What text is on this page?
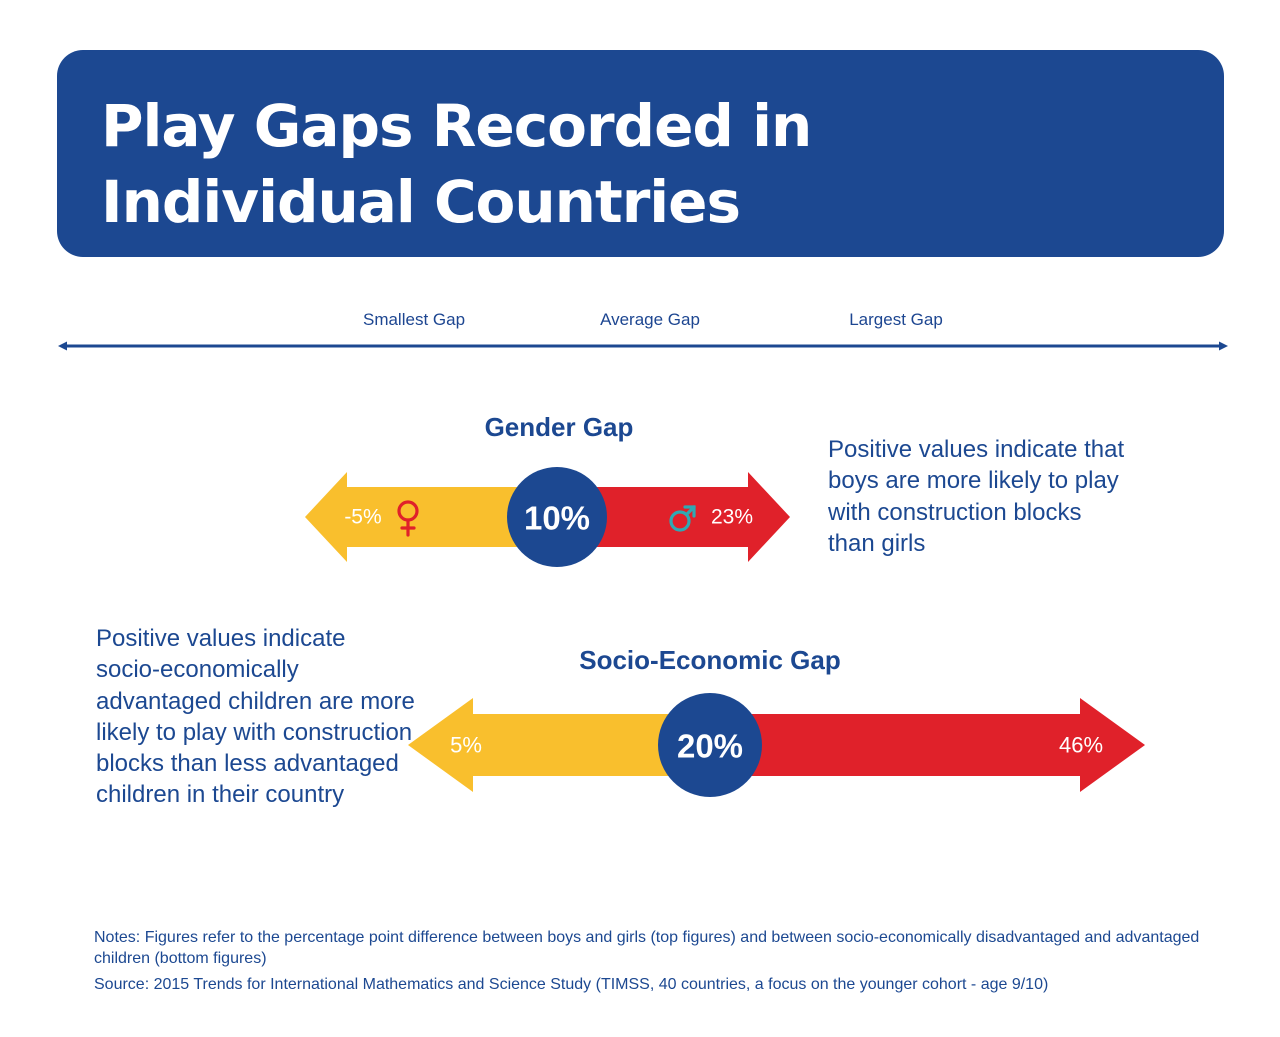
Play Gaps Recorded in Individual Countries
Smallest Gap	Average Gap	Largest Gap
Gender Gap

Positive values indicate that boys are more likely to play with construction blocks than girls

Socio-Economic Gap

Positive values indicate socio-economically advantaged children are more likely to play with construction blocks than less advantaged children in their country

10%
-5%	23%
20%
5%	46%

Notes: Figures refer to the percentage point difference between boys and girls (top figures) and between socio-economically disadvantaged and advantaged children (bottom figures)

Source: 2015 Trends for International Mathematics and Science Study (TIMSS, 40 countries, a focus on the younger cohort - age 9/10)
